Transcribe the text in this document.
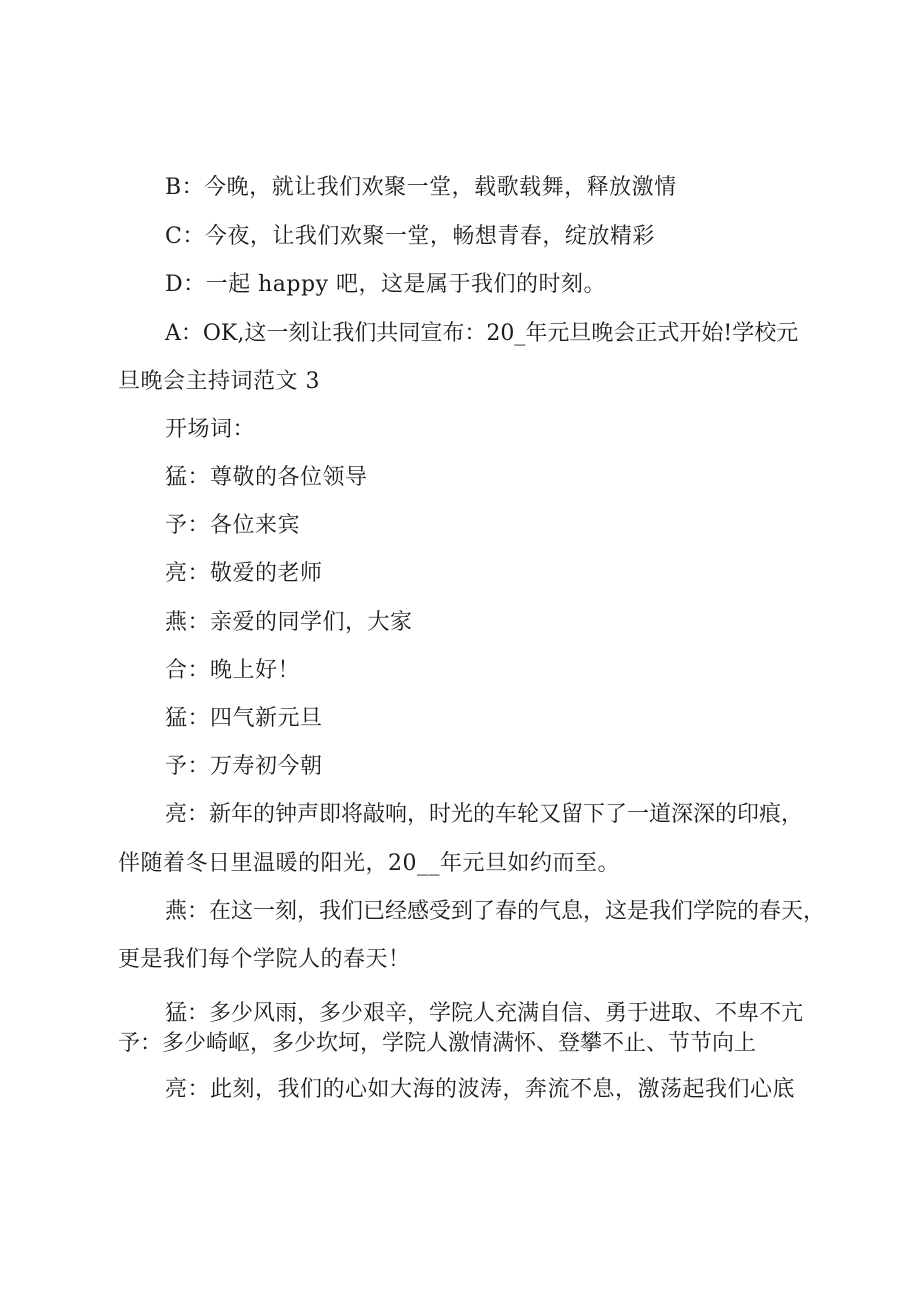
B：今晚，就让我们欢聚一堂，载歌载舞，释放激情
C：今夜，让我们欢聚一堂，畅想青春，绽放精彩
D：一起 happy 吧，这是属于我们的时刻。
A：OK,这一刻让我们共同宣布：20_年元旦晚会正式开始!学校元
旦晚会主持词范文 3
开场词：
猛：尊敬的各位领导
予：各位来宾
亮：敬爱的老师
燕：亲爱的同学们，大家
合：晚上好！
猛：四气新元旦
予：万寿初今朝
亮：新年的钟声即将敲响，时光的车轮又留下了一道深深的印痕，
伴随着冬日里温暖的阳光，20__年元旦如约而至。
燕：在这一刻，我们已经感受到了春的气息，这是我们学院的春天，
更是我们每个学院人的春天！
猛：多少风雨，多少艰辛，学院人充满自信、勇于进取、不卑不亢
予：多少崎岖，多少坎坷，学院人激情满怀、登攀不止、节节向上
亮：此刻，我们的心如大海的波涛，奔流不息，激荡起我们心底
